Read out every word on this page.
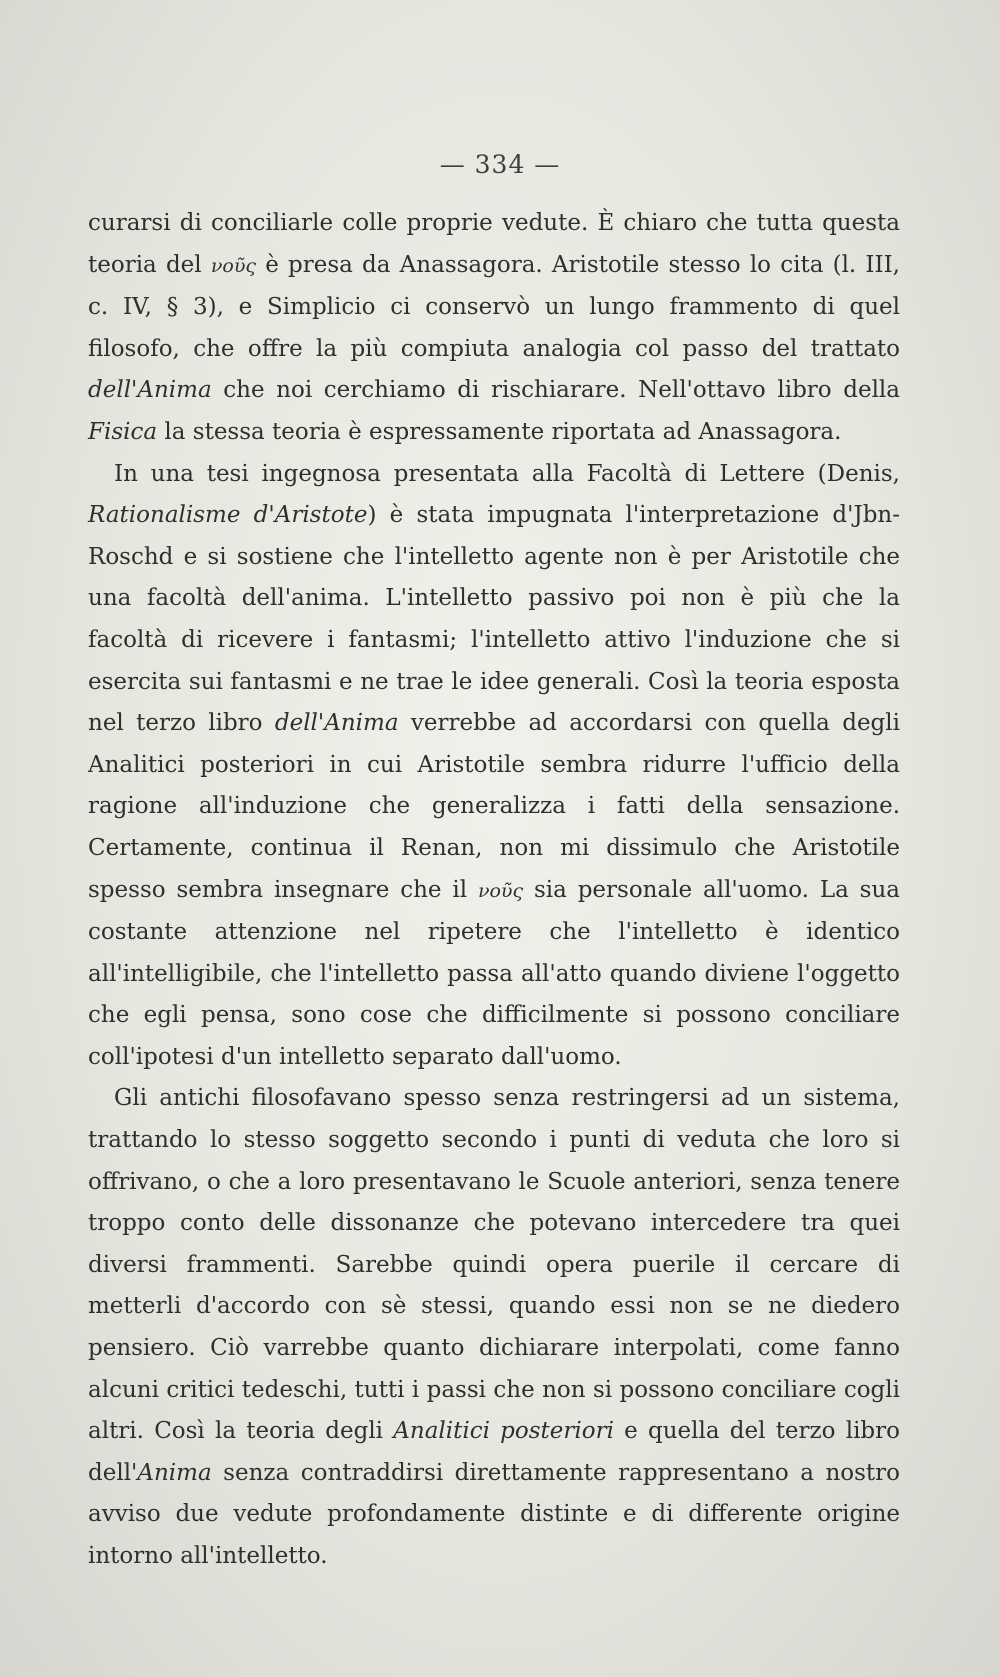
— 334 —

curarsi di conciliarle colle proprie vedute. È chiaro che tutta questa teoria del νοῦς è presa da Anassagora. Aristotile stesso lo cita (l. III, c. IV, § 3), e Simplicio ci conservò un lungo frammento di quel filosofo, che offre la più compiuta analogia col passo del trattato dell'Anima che noi cerchiamo di rischiarare. Nell'ottavo libro della Fisica la stessa teoria è espressamente riportata ad Anassagora.

In una tesi ingegnosa presentata alla Facoltà di Lettere (Denis, Rationalisme d'Aristote) è stata impugnata l'interpretazione d'Jbn-Roschd e si sostiene che l'intelletto agente non è per Aristotile che una facoltà dell'anima. L'intelletto passivo poi non è più che la facoltà di ricevere i fantasmi; l'intelletto attivo l'induzione che si esercita sui fantasmi e ne trae le idee generali. Così la teoria esposta nel terzo libro dell'Anima verrebbe ad accordarsi con quella degli Analitici posteriori in cui Aristotile sembra ridurre l'ufficio della ragione all'induzione che generalizza i fatti della sensazione. Certamente, continua il Renan, non mi dissimulo che Aristotile spesso sembra insegnare che il νοῦς sia personale all'uomo. La sua costante attenzione nel ripetere che l'intelletto è identico all'intelligibile, che l'intelletto passa all'atto quando diviene l'oggetto che egli pensa, sono cose che difficilmente si possono conciliare coll'ipotesi d'un intelletto separato dall'uomo.

Gli antichi filosofavano spesso senza restringersi ad un sistema, trattando lo stesso soggetto secondo i punti di veduta che loro si offrivano, o che a loro presentavano le Scuole anteriori, senza tenere troppo conto delle dissonanze che potevano intercedere tra quei diversi frammenti. Sarebbe quindi opera puerile il cercare di metterli d'accordo con sè stessi, quando essi non se ne diedero pensiero. Ciò varrebbe quanto dichiarare interpolati, come fanno alcuni critici tedeschi, tutti i passi che non si possono conciliare cogli altri. Così la teoria degli Analitici posteriori e quella del terzo libro dell'Anima senza contraddirsi direttamente rappresentano a nostro avviso due vedute profondamente distinte e di differente origine intorno all'intelletto.
